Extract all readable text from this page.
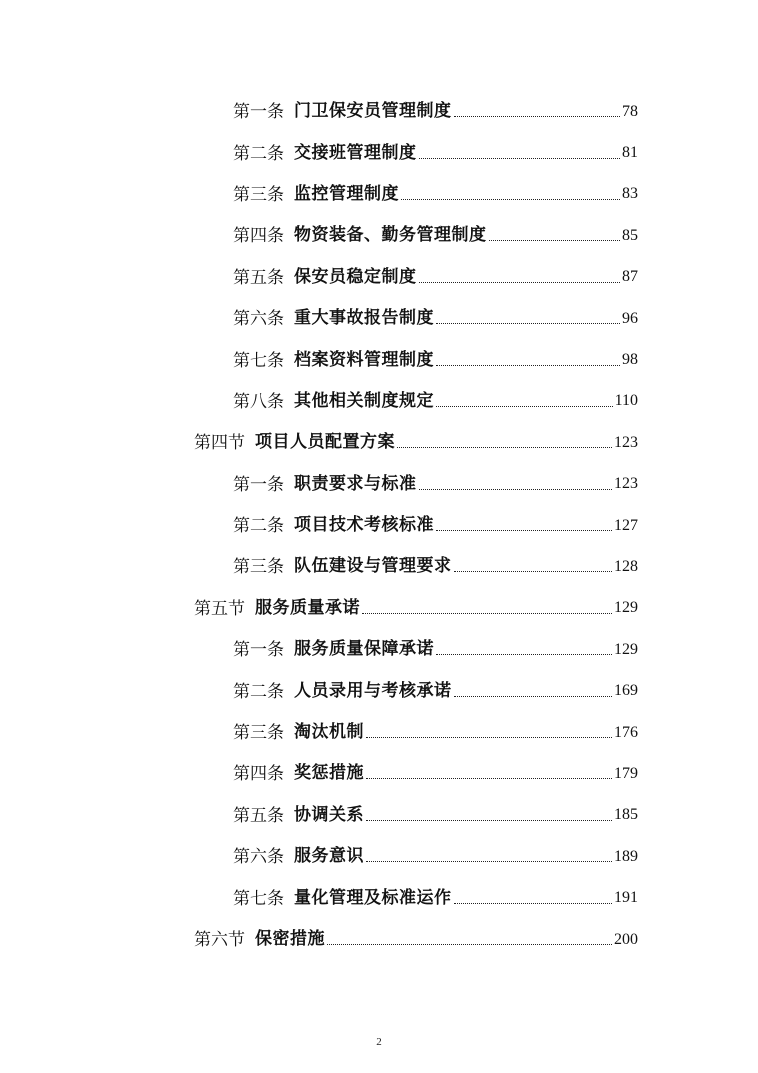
第一条 门卫保安员管理制度	78
第二条 交接班管理制度	81
第三条 监控管理制度	83
第四条 物资装备、勤务管理制度	85
第五条 保安员稳定制度	87
第六条 重大事故报告制度	96
第七条 档案资料管理制度	98
第八条 其他相关制度规定	110
第四节 项目人员配置方案	123
第一条 职责要求与标准	123
第二条 项目技术考核标准	127
第三条 队伍建设与管理要求	128
第五节 服务质量承诺	129
第一条 服务质量保障承诺	129
第二条 人员录用与考核承诺	169
第三条 淘汰机制	176
第四条 奖惩措施	179
第五条 协调关系	185
第六条 服务意识	189
第七条 量化管理及标准运作	191
第六节 保密措施	200
2
